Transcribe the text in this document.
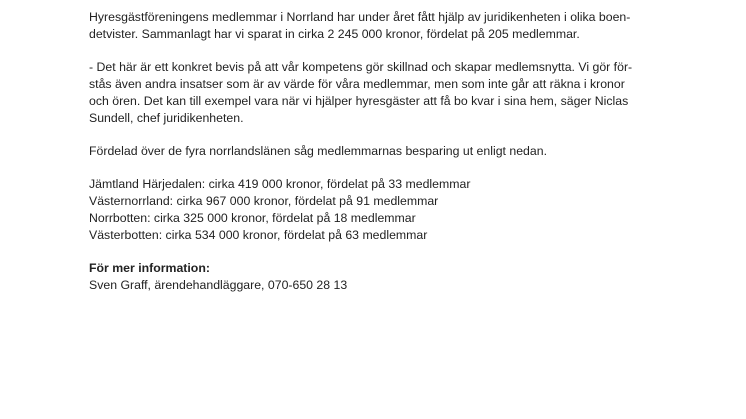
Hyresgästföreningens medlemmar i Norrland har under året fått hjälp av juridikenheten i olika boen-
detvister. Sammanlagt har vi sparat in cirka 2 245 000 kronor, fördelat på 205 medlemmar.
- Det här är ett konkret bevis på att vår kompetens gör skillnad och skapar medlemsnytta. Vi gör för-
stås även andra insatser som är av värde för våra medlemmar, men som inte går att räkna i kronor
och ören. Det kan till exempel vara när vi hjälper hyresgäster att få bo kvar i sina hem, säger Niclas
Sundell, chef juridikenheten.
Fördelad över de fyra norrlandslänen såg medlemmarnas besparing ut enligt nedan.
Jämtland Härjedalen: cirka 419 000 kronor, fördelat på 33 medlemmar
Västernorrland: cirka 967 000 kronor, fördelat på 91 medlemmar
Norrbotten: cirka 325 000 kronor, fördelat på 18 medlemmar
Västerbotten: cirka 534 000 kronor, fördelat på 63 medlemmar
För mer information:
Sven Graff, ärendehandläggare, 070-650 28 13
